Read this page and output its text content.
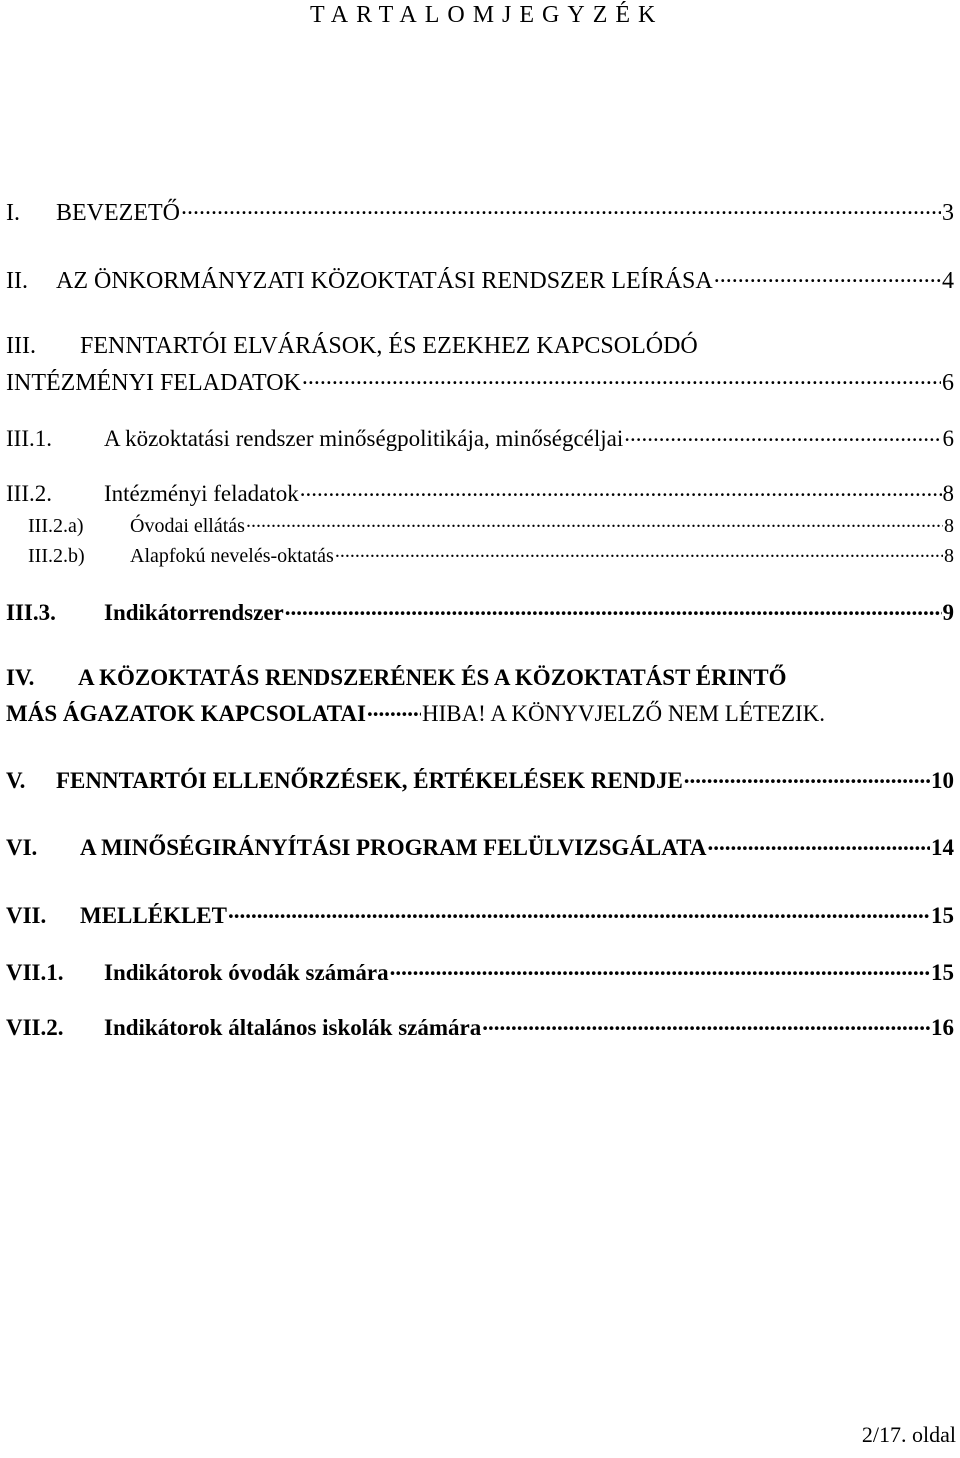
TARTALOMJEGYZÉK
I.	BEVEZETŐ .....	3
II.	AZ ÖNKORMÁNYZATI KÖZOKTATÁSI RENDSZER LEÍRÁSA .....	4
III.	FENNTARTÓI ELVÁRÁSOK, ÉS EZEKHEZ KAPCSOLÓDÓ
INTÉZMÉNYI FELADATOK .....	6
III.1.	A közoktatási rendszer minőségpolitikája, minőségcéljai .....	6
III.2.	Intézményi feladatok .....	8
III.2.a)	Óvodai ellátás .....	8
III.2.b)	Alapfokú nevelés-oktatás .....	8
III.3.	Indikátorrendszer .....	9
IV.	A KÖZOKTATÁS RENDSZERÉNEK ÉS A KÖZOKTATÁST ÉRINTŐ
MÁS ÁGAZATOK KAPCSOLATAI ..... HIBA! A KÖNYVJELZŐ NEM LÉTEZIK.
V.	FENNTARTÓI ELLENŐRZÉSEK, ÉRTÉKELÉSEK RENDJE .....	10
VI.	A MINŐSÉGIRÁNYÍTÁSI PROGRAM FELÜLVIZSGÁLATA .....	14
VII.	MELLÉKLET .....	15
VII.1.	Indikátorok óvodák számára .....	15
VII.2.	Indikátorok általános iskolák számára .....	16
2/17. oldal
